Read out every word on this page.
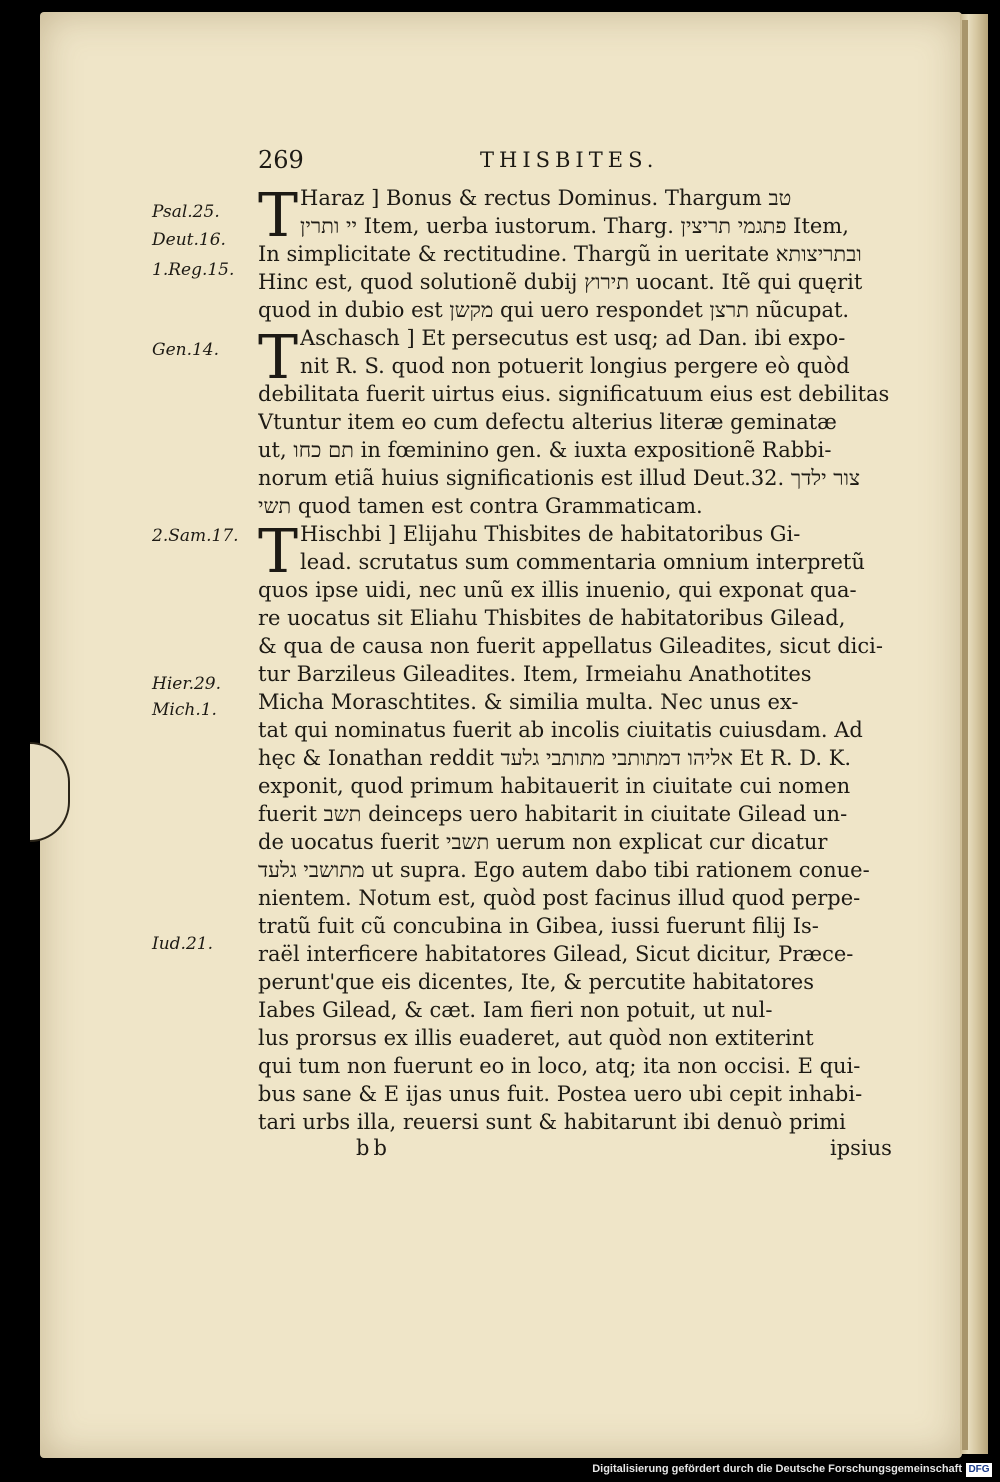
269	THISBITES.
Psal.25.
Deut.16.
1.Reg.15.
Gen.14.
2.Sam.17.
Hier.29.
Mich.1.
Iud.21.
T Haraz ] Bonus & rectus Dominus. Thargum טב
יי ותרין Item, uerba iustorum. Tharg. פתגמי תריצין Item,
In simplicitate & rectitudine. Thargũ in ueritate ובתריצותא
Hinc est, quod solutionẽ dubij תירוץ uocant. Itẽ qui quęrit
quod in dubio est מקשן qui uero respondet תרצן nũcupat.
T Aschasch ] Et persecutus est usq; ad Dan. ibi expo-
nit R. S. quod non potuerit longius pergere eò quòd
debilitata fuerit uirtus eius. significatuum eius est debilitas
Vtuntur item eo cum defectu alterius literæ geminatæ
ut, תם כחו in fœminino gen. & iuxta expositionẽ Rabbi-
norum etiã huius significationis est illud Deut.32. צור ילדך
תשי quod tamen est contra Grammaticam.
T Hischbi ] Elijahu Thisbites de habitatoribus Gi-
lead. scrutatus sum commentaria omnium interpretũ
quos ipse uidi, nec unũ ex illis inuenio, qui exponat qua-
re uocatus sit Eliahu Thisbites de habitatoribus Gilead,
& qua de causa non fuerit appellatus Gileadites, sicut dici-
tur Barzileus Gileadites. Item, Irmeiahu Anathotites
Micha Moraschtites. & similia multa. Nec unus ex-
tat qui nominatus fuerit ab incolis ciuitatis cuiusdam. Ad
hęc & Ionathan reddit אליהו דמתותבי מתותבי גלעד Et R. D. K.
exponit, quod primum habitauerit in ciuitate cui nomen
fuerit תשב deinceps uero habitarit in ciuitate Gilead un-
de uocatus fuerit תשבי uerum non explicat cur dicatur
מתושבי גלעד ut supra. Ego autem dabo tibi rationem conue-
nientem. Notum est, quòd post facinus illud quod perpe-
tratũ fuit cũ concubina in Gibea, iussi fuerunt filij Is-
raël interficere habitatores Gilead, Sicut dicitur, Præce-
perunt'que eis dicentes, Ite, & percutite habitatores
Iabes Gilead, & cæt. Iam fieri non potuit, ut nul-
lus prorsus ex illis euaderet, aut quòd non extiterint
qui tum non fuerunt eo in loco, atq; ita non occisi. E qui-
bus sane & E ijas unus fuit. Postea uero ubi cepit inhabi-
tari urbs illa, reuersi sunt & habitarunt ibi denuò primi
bb	ipsius
Digitalisierung gefördert durch die Deutsche Forschungsgemeinschaft DFG
